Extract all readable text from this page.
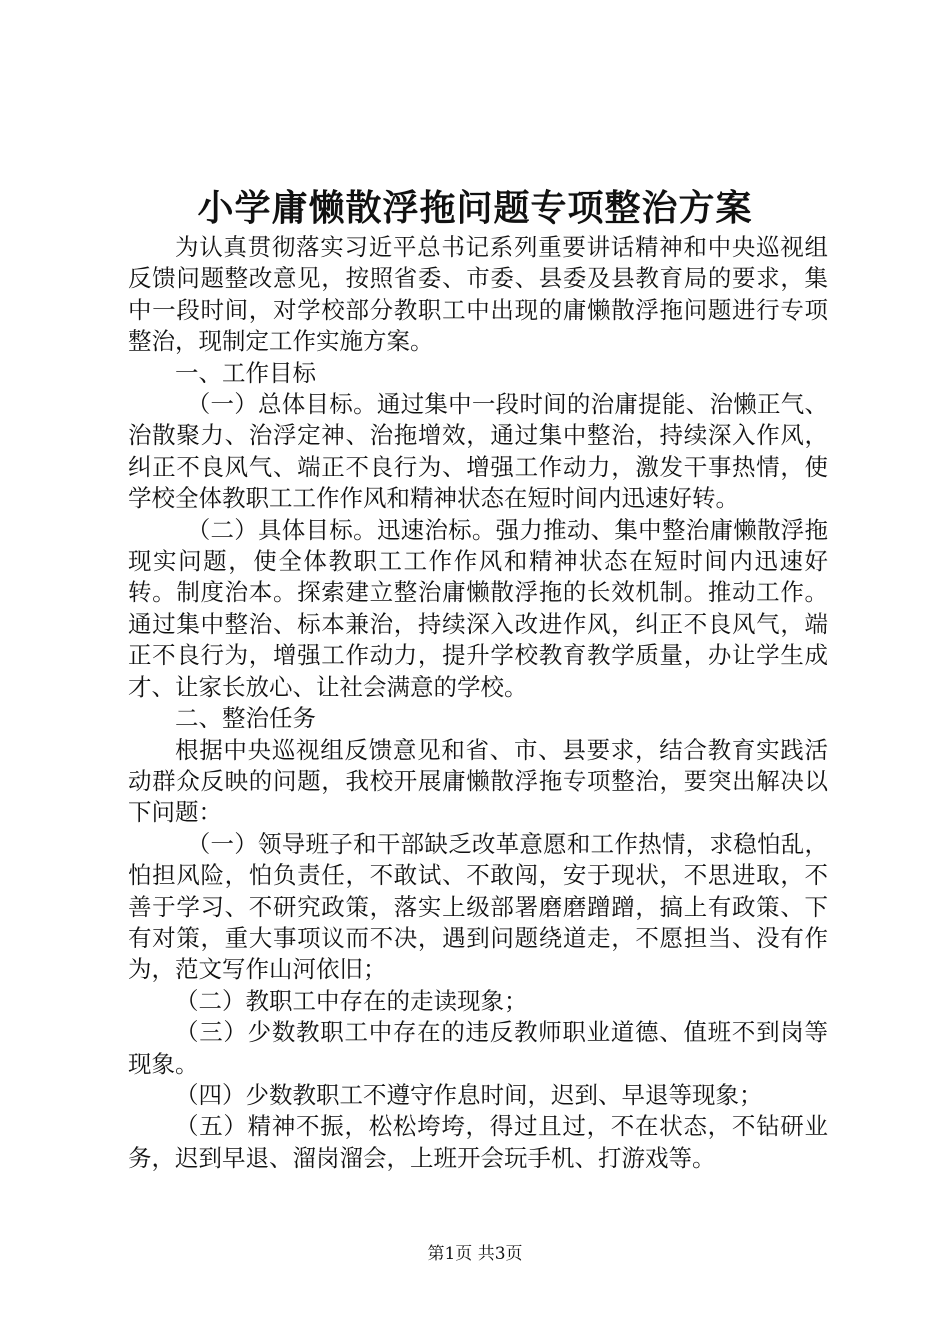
小学庸懒散浮拖问题专项整治方案

为认真贯彻落实习近平总书记系列重要讲话精神和中央巡视组反馈问题整改意见，按照省委、市委、县委及县教育局的要求，集中一段时间，对学校部分教职工中出现的庸懒散浮拖问题进行专项整治，现制定工作实施方案。

一、工作目标

（一）总体目标。通过集中一段时间的治庸提能、治懒正气、治散聚力、治浮定神、治拖增效，通过集中整治，持续深入作风，纠正不良风气、端正不良行为、增强工作动力，激发干事热情，使学校全体教职工工作作风和精神状态在短时间内迅速好转。

（二）具体目标。迅速治标。强力推动、集中整治庸懒散浮拖现实问题，使全体教职工工作作风和精神状态在短时间内迅速好转。制度治本。探索建立整治庸懒散浮拖的长效机制。推动工作。通过集中整治、标本兼治，持续深入改进作风，纠正不良风气，端正不良行为，增强工作动力，提升学校教育教学质量，办让学生成才、让家长放心、让社会满意的学校。

二、整治任务

根据中央巡视组反馈意见和省、市、县要求，结合教育实践活动群众反映的问题，我校开展庸懒散浮拖专项整治，要突出解决以下问题：

（一）领导班子和干部缺乏改革意愿和工作热情，求稳怕乱，怕担风险，怕负责任，不敢试、不敢闯，安于现状，不思进取，不善于学习、不研究政策，落实上级部署磨磨蹭蹭，搞上有政策、下有对策，重大事项议而不决，遇到问题绕道走，不愿担当、没有作为，范文写作山河依旧；

（二）教职工中存在的走读现象；

（三）少数教职工中存在的违反教师职业道德、值班不到岗等现象。

（四）少数教职工不遵守作息时间，迟到、早退等现象；

（五）精神不振，松松垮垮，得过且过，不在状态，不钻研业务，迟到早退、溜岗溜会，上班开会玩手机、打游戏等。

第1页 共3页
